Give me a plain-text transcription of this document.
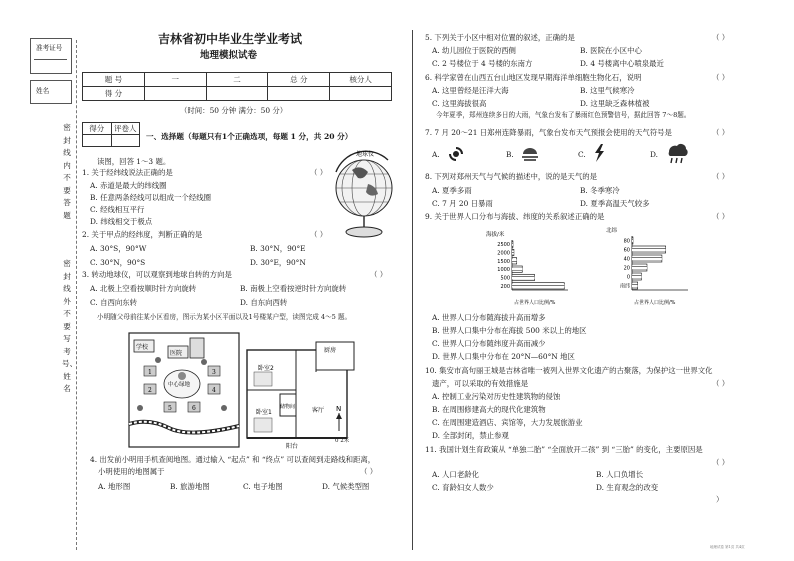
准考证号
姓名
密封线内不要答题
密封线外不要写考号、姓名
吉林省初中毕业生学业考试
地理模拟试卷
题 号	一	二	总 分	核分人
得 分				
（时间：50 分钟 满分：50 分）
得分	评卷人

一、选择题（每题只有1个正确选项，每题 1 分，共 20 分）
读图，回答 1～3 题。
地球仪
1. 关于经纬线说法正确的是	（ ）
A. 赤道是最大的纬线圈
B. 任意两条经线可以组成一个经线圈
C. 经线相互平行
D. 纬线相交于极点
2. 关于甲点的经纬度，判断正确的是	（ ）
A. 30°S，90°W	B. 30°N，90°E
C. 30°N，90°S	D. 30°E，90°N
3. 转动地球仪，可以观察到地球自转的方向是	（ ）
A. 北极上空看按顺时针方向旋转	B. 南极上空看按逆时针方向旋转
C. 自西向东转	D. 自东向西转
小明随父母前往某小区看房，图示为某小区平面以及1号楼某户型，读图完成 4～5 题。
学校
医院
中心绿地
1
2
3
4
5	6
厨房
卧室2
客厅
卧室1
储物间
阳台
N
0 2米
4. 出发前小明用手机查阅地图。通过输入 “起点” 和 “终点” 可以查阅到走路线和距离，
小明使用的地图属于	（ ）
A. 地形图	B. 旅游地图	C. 电子地图	D. 气候类型图
5. 下列关于小区中相对位置的叙述，正确的是	（ ）
A. 幼儿园位于医院的西侧	B. 医院在小区中心
C. 2 号楼位于 4 号楼的东南方	D. 4 号楼离中心喷泉最近
6. 科学家曾在山西五台山地区发现早期海洋单细胞生物化石，说明	（ ）
A. 这里曾经是汪洋大海	B. 这里气候寒冷
C. 这里海拔很高	D. 这里缺乏森林植被
今年夏季，郑州连续多日的大雨，气象台发布了暴雨红色预警信号，据此回答 7～8题。
7. 7 月 20～21 日郑州连降暴雨，气象台发布天气预报会使用的天气符号是	（ ）
A.	B.	C.	D.
8. 下列对郑州天气与气候的描述中，说的是天气的是	（ ）
A. 夏季多雨	B. 冬季寒冷
C. 7 月 20 日暴雨	D. 夏季高温天气较多
9. 关于世界人口分布与海拔、纬度的关系叙述正确的是	（ ）
海拔/米
200
500
1000
1500
2000
2500
占世界人口比例/%
北纬
南纬
0
20
40
60
80
占世界人口比例/%
A. 世界人口分布随海拔升高而增多
B. 世界人口集中分布在海拔 500 米以上的地区
C. 世界人口分布随纬度升高而减少
D. 世界人口集中分布在 20°N—60°N 地区
10. 集安市高句丽王城是吉林省唯一被列入世界文化遗产的古聚落，为保护这一世界文化
遗产，可以采取的有效措施是	（ ）
A. 控制工业污染对历史性建筑物的侵蚀
B. 在周围修建高大的现代化建筑物
C. 在周围建造酒店、宾馆等，大力发展旅游业
D. 全部封闭，禁止参观
11. 我国计划生育政策从 “单独二胎” “全面放开二孩” 到 “三胎” 的变化，主要原因是
（ ）
A. 人口老龄化	B. 人口负增长
C. 育龄妇女人数少	D. 生育观念的改变
）
地理试卷 第1页 共4页
